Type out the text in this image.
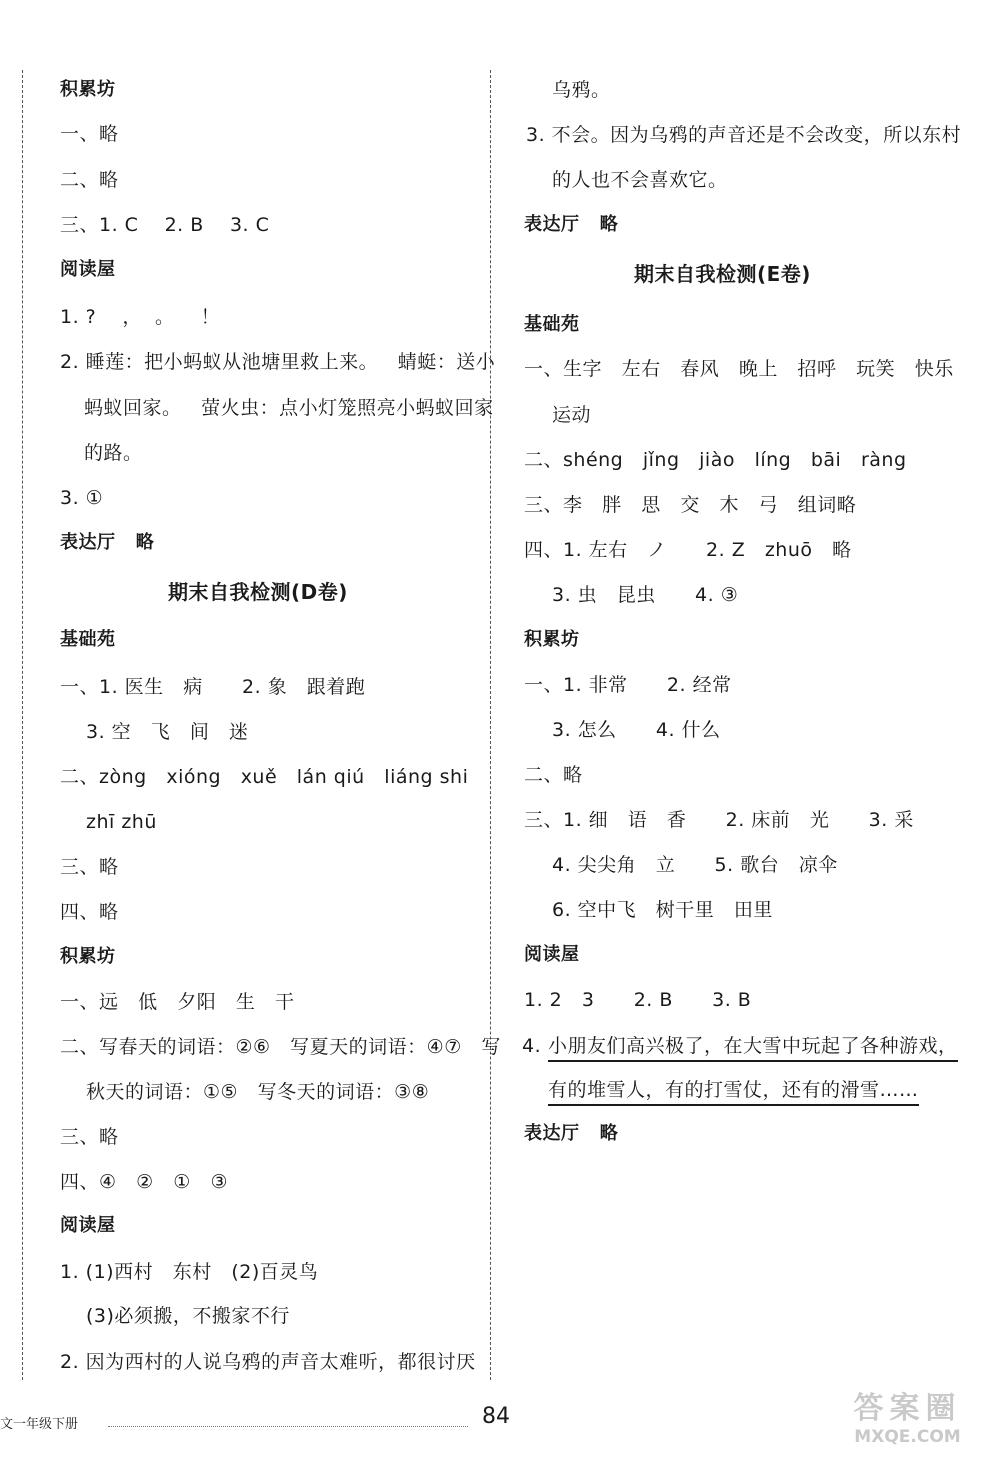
积累坊
一、略
二、略
三、1. C    2. B    3. C
阅读屋
1. ?    ，  。    ！
2. 睡莲：把小蚂蚁从池塘里救上来。   蜻蜓：送小
蚂蚁回家。   萤火虫：点小灯笼照亮小蚂蚁回家
的路。
3. ①
表达厅   略
期末自我检测(D卷)
基础苑
一、1. 医生   病      2. 象   跟着跑
3. 空   飞   间   迷
二、zòng   xióng   xuě   lán qiú   liáng shi
zhī zhū
三、略
四、略
积累坊
一、远   低   夕阳   生   干
二、写春天的词语：②⑥   写夏天的词语：④⑦   写
秋天的词语：①⑤   写冬天的词语：③⑧
三、略
四、④   ②   ①   ③
阅读屋
1. (1)西村   东村   (2)百灵鸟
(3)必须搬，不搬家不行
2. 因为西村的人说乌鸦的声音太难听，都很讨厌
乌鸦。
3. 不会。因为乌鸦的声音还是不会改变，所以东村
的人也不会喜欢它。
表达厅   略
期末自我检测(E卷)
基础苑
一、生字   左右   春风   晚上   招呼   玩笑   快乐
运动
二、shéng   jǐng   jiào   líng   bāi   ràng
三、李   胖   思   交   木   弓   组词略
四、1. 左右   ノ      2. Z   zhuō   略
3. 虫   昆虫      4. ③
积累坊
一、1. 非常      2. 经常
3. 怎么      4. 什么
二、略
三、1. 细   语   香      2. 床前   光      3. 采
4. 尖尖角   立      5. 歌台   凉伞
6. 空中飞   树干里   田里
阅读屋
1. 2   3      2. B      3. B
4. 小朋友们高兴极了，在大雪中玩起了各种游戏，
有的堆雪人，有的打雪仗，还有的滑雪……
表达厅   略
文一年级下册	84	答案圈
MXQE.COM
